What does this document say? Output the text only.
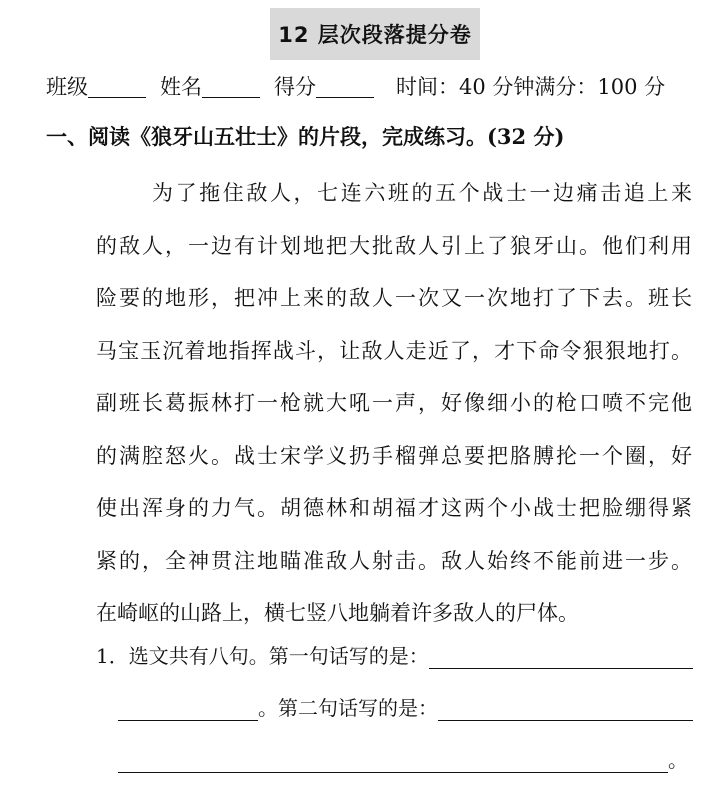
12 层次段落提分卷
班级	姓名	得分	时间：40 分钟满分：100 分
一、阅读《狼牙山五壮士》的片段，完成练习。(32 分)
为了拖住敌人，七连六班的五个战士一边痛击追上来
的敌人，一边有计划地把大批敌人引上了狼牙山。他们利用
险要的地形，把冲上来的敌人一次又一次地打了下去。班长
马宝玉沉着地指挥战斗，让敌人走近了，才下命令狠狠地打。
副班长葛振林打一枪就大吼一声，好像细小的枪口喷不完他
的满腔怒火。战士宋学义扔手榴弹总要把胳膊抡一个圈，好
使出浑身的力气。胡德林和胡福才这两个小战士把脸绷得紧
紧的，全神贯注地瞄准敌人射击。敌人始终不能前进一步。
在崎岖的山路上，横七竖八地躺着许多敌人的尸体。
1．选文共有八句。第一句话写的是：
。第二句话写的是：
。
